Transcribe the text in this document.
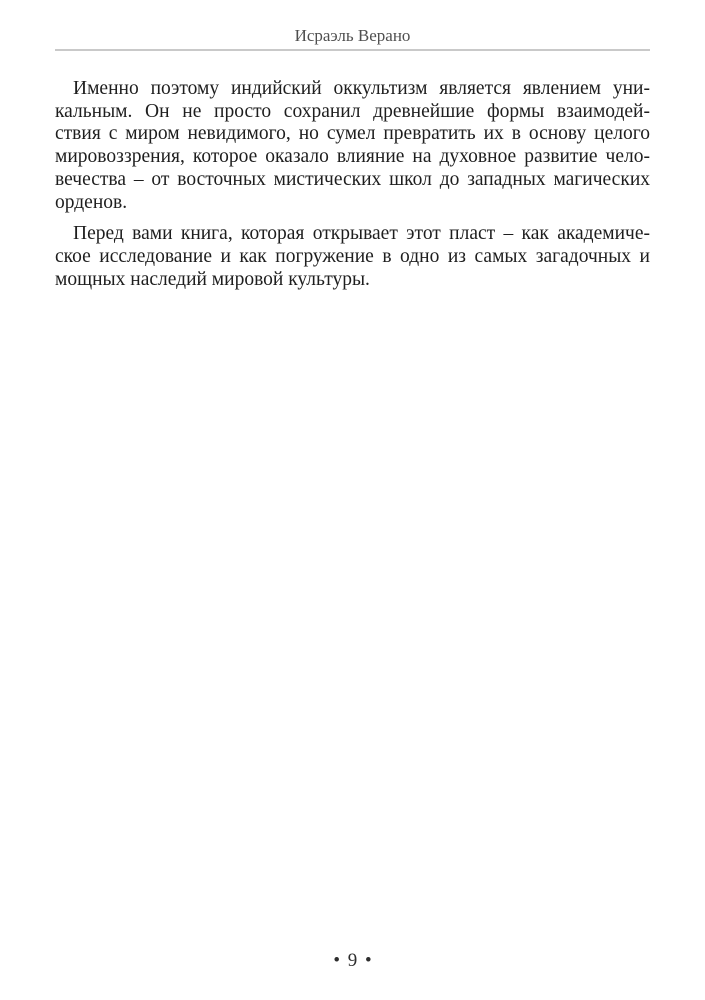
Исраэль Верано

Именно поэтому индийский оккультизм является явлением уни-
кальным. Он не просто сохранил древнейшие формы взаимодей-
ствия с миром невидимого, но сумел превратить их в основу целого
мировоззрения, которое оказало влияние на духовное развитие чело-
вечества – от восточных мистических школ до западных магических
орденов.

Перед вами книга, которая открывает этот пласт – как академиче-
ское исследование и как погружение в одно из самых загадочных и
мощных наследий мировой культуры.

• 9 •
